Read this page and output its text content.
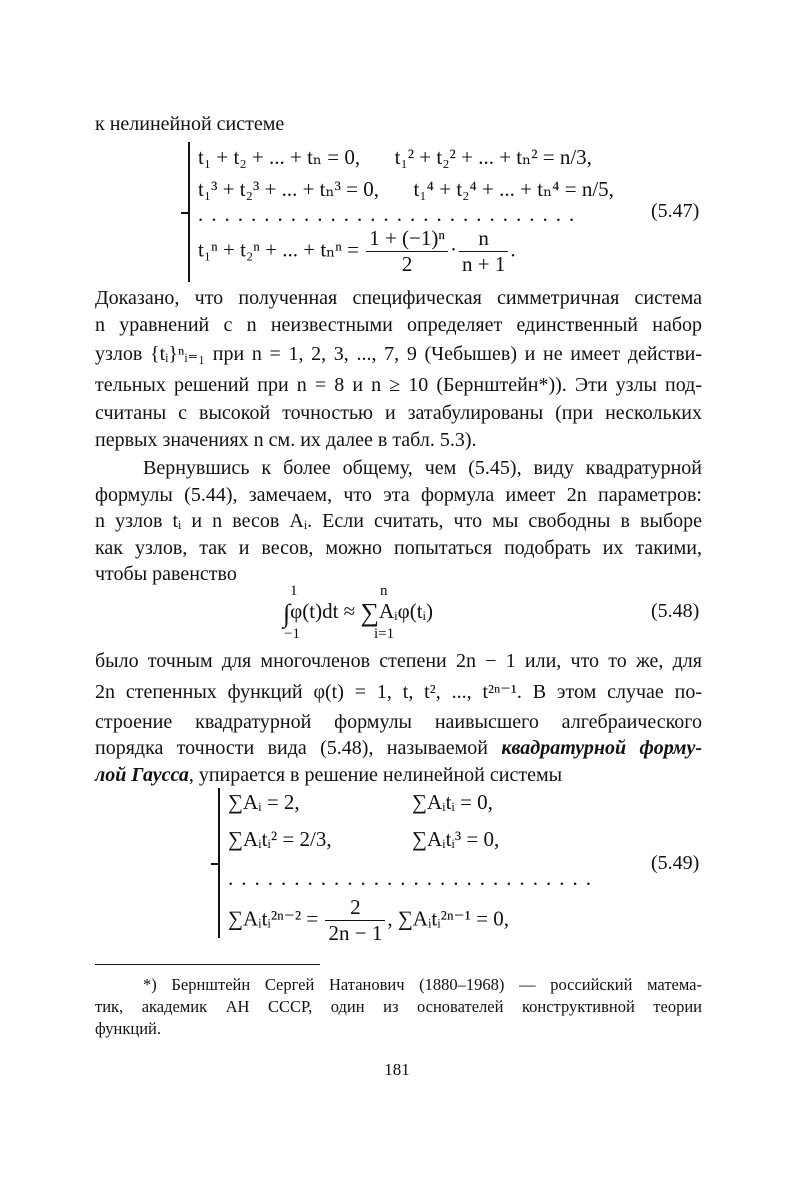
к нелинейной системе
t₁ + t₂ + ... + tₙ = 0, t₁² + t₂² + ... + tₙ² = n/3,
t₁³ + t₂³ + ... + tₙ³ = 0, t₁⁴ + t₂⁴ + ... + tₙ⁴ = n/5,
.............................
t₁ⁿ + t₂ⁿ + ... + $t_n^n = \frac{\text{1 + (−1)ⁿ}}{2} \cdot \frac{n}{n + 1}$ .
(5.47)
Доказано, что полученная специфическая симметричная система
n уравнений с n неизвестными определяет единственный набор
узлов {tᵢ}ⁿᵢ₌₁ при n = 1, 2, 3, ..., 7, 9 (Чебышев) и не имеет действи-
тельных решений при n = 8 и n ≥ 10 (Бернштейн*)). Эти узлы под-
считаны с высокой точностью и затабулированы (при нескольких
первых значениях n см. их далее в табл. 5.3).
Вернувшись к более общему, чем (5.45), виду квадратурной
формулы (5.44), замечаем, что эта формула имеет 2n параметров:
n узлов tᵢ и n весов Aᵢ. Если считать, что мы свободны в выборе
как узлов, так и весов, можно попытаться подобрать их такими,
чтобы равенство
1
−1
n
i=1
∫φ(t)dt ≈ ∑Aᵢφ(tᵢ)	(5.48)
было точным для многочленов степени 2n − 1 или, что то же, для
2n степенных функций φ(t) = 1, t, t², ..., t²ⁿ⁻¹. В этом случае по-
строение квадратурной формулы наивысшего алгебраического
порядка точности вида (5.48), называемой квадратурной форму-
лой Гаусса, упирается в решение нелинейной системы
∑Aᵢ = 2,	∑Aᵢtᵢ = 0,
∑Aᵢtᵢ² = 2/3,	∑Aᵢtᵢ³ = 0,
............................
∑Aᵢtᵢ²ⁿ⁻² = $\frac{2}{2n - 1}$ , ∑Aᵢtᵢ²ⁿ⁻¹ = 0,
(5.49)
*) Бернштейн Сергей Натанович (1880–1968) — российский матема-
тик, академик АН СССР, один из основателей конструктивной теории
функций.
181
